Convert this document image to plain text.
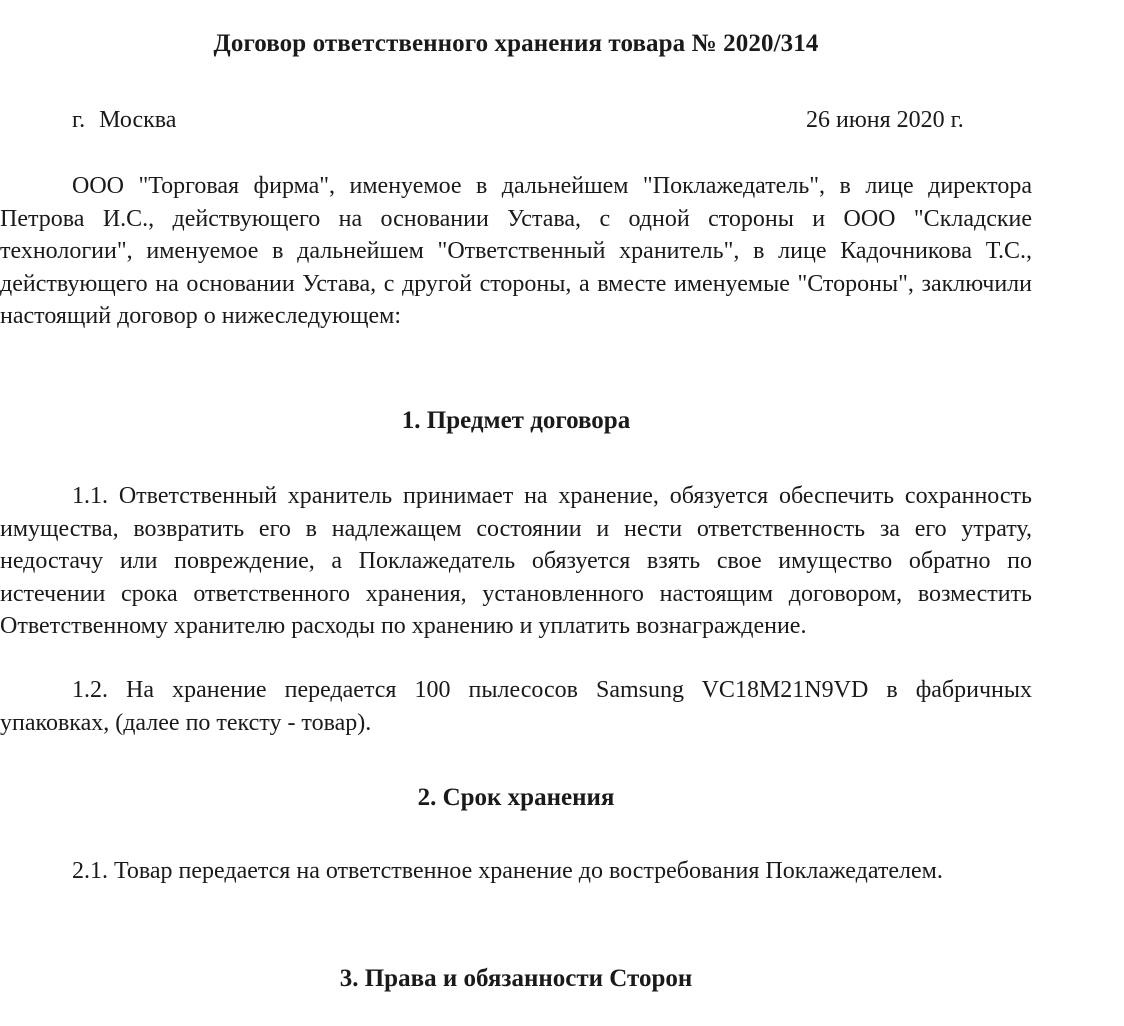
Договор ответственного хранения товара № 2020/314
г. Москва	26 июня 2020 г.

ООО "Торговая фирма", именуемое в дальнейшем "Поклажедатель", в лице директора Петрова И.С., действующего на основании Устава, с одной стороны и ООО "Складские технологии", именуемое в дальнейшем "Ответственный хранитель", в лице Кадочникова Т.С., действующего на основании Устава, с другой стороны, а вместе именуемые "Стороны", заключили настоящий договор о нижеследующем:

1. Предмет договора

1.1. Ответственный хранитель принимает на хранение, обязуется обеспечить сохранность имущества, возвратить его в надлежащем состоянии и нести ответственность за его утрату, недостачу или повреждение, а Поклажедатель обязуется взять свое имущество обратно по истечении срока ответственного хранения, установленного настоящим договором, возместить Ответственному хранителю расходы по хранению и уплатить вознаграждение.

1.2. На хранение передается 100 пылесосов Samsung VC18M21N9VD в фабричных упаковках, (далее по тексту - товар).

2. Срок хранения

2.1. Товар передается на ответственное хранение до востребования Поклажедателем.

3. Права и обязанности Сторон
